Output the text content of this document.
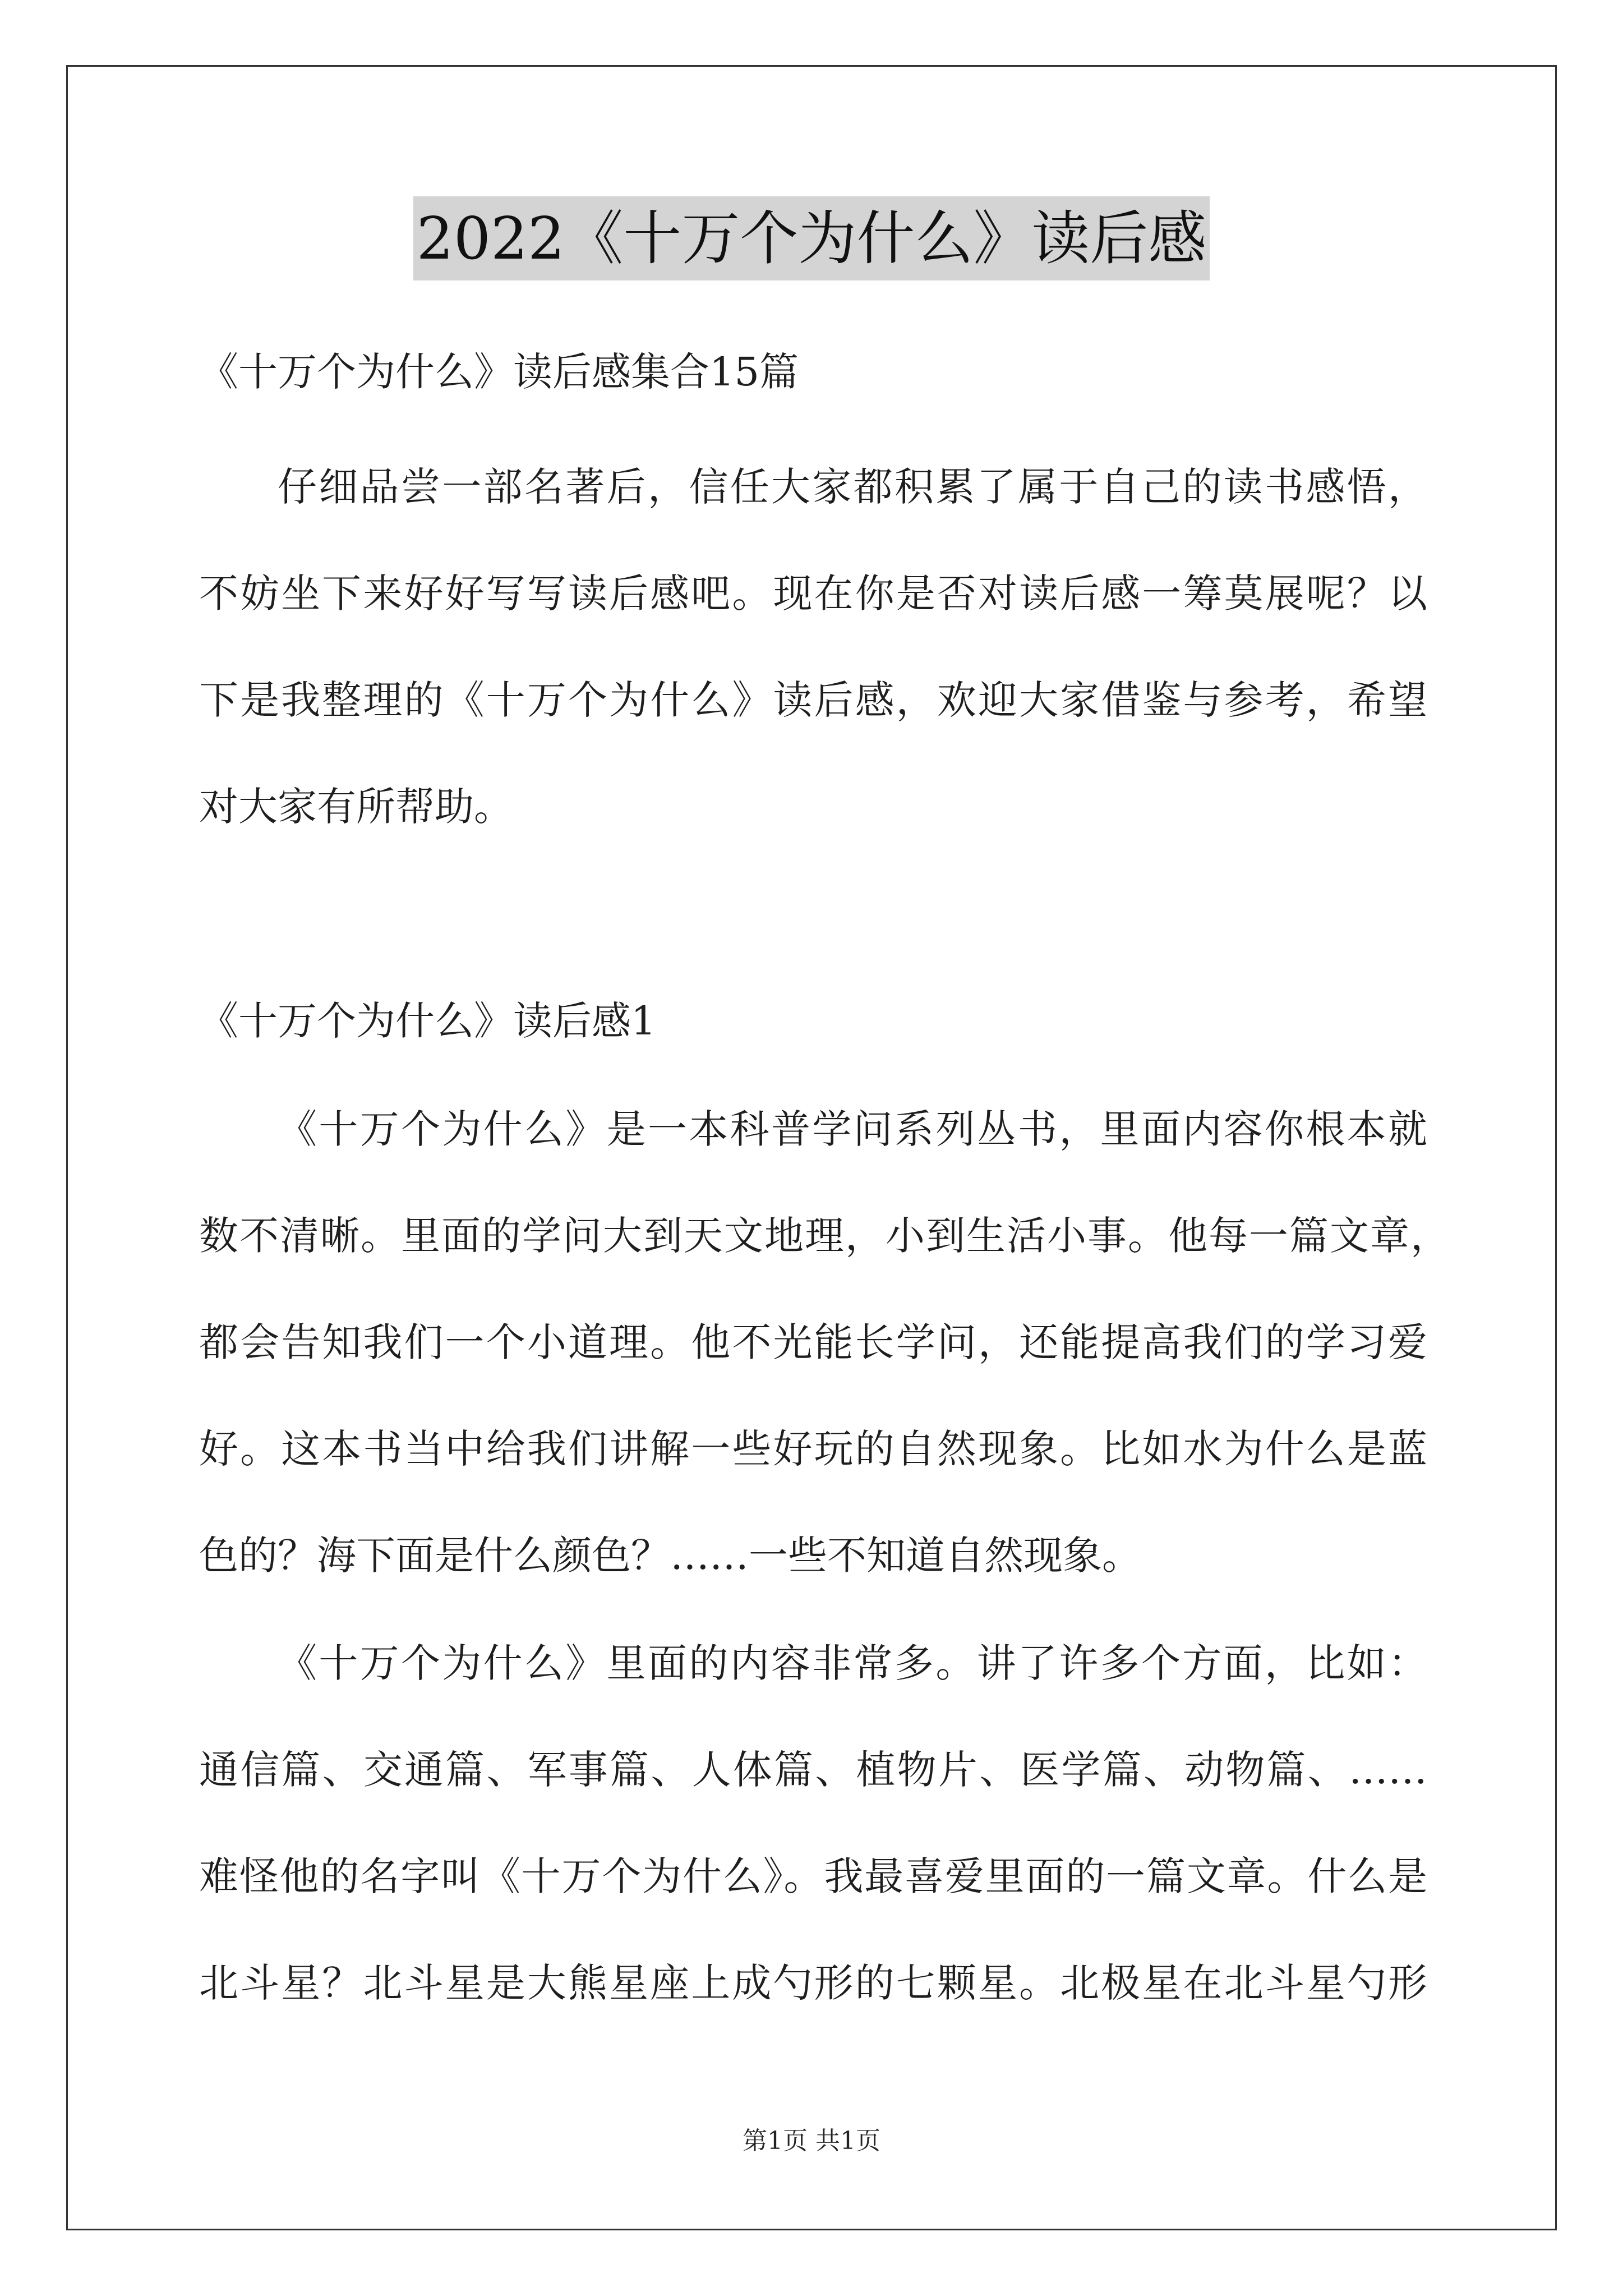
2022《十万个为什么》读后感
《十万个为什么》读后感集合15篇
仔细品尝一部名著后，信任大家都积累了属于自己的读书感悟，
不妨坐下来好好写写读后感吧。现在你是否对读后感一筹莫展呢？以
下是我整理的《十万个为什么》读后感，欢迎大家借鉴与参考，希望
对大家有所帮助。
《十万个为什么》读后感1
《十万个为什么》是一本科普学问系列丛书，里面内容你根本就
数不清晰。里面的学问大到天文地理，小到生活小事。他每一篇文章，
都会告知我们一个小道理。他不光能长学问，还能提高我们的学习爱
好。这本书当中给我们讲解一些好玩的自然现象。比如水为什么是蓝
色的？海下面是什么颜色？……一些不知道自然现象。
《十万个为什么》里面的内容非常多。讲了许多个方面，比如：
通信篇、交通篇、军事篇、人体篇、植物片、医学篇、动物篇、……
难怪他的名字叫《十万个为什么》。我最喜爱里面的一篇文章。什么是
北斗星？北斗星是大熊星座上成勺形的七颗星。北极星在北斗星勺形
第1页 共1页
